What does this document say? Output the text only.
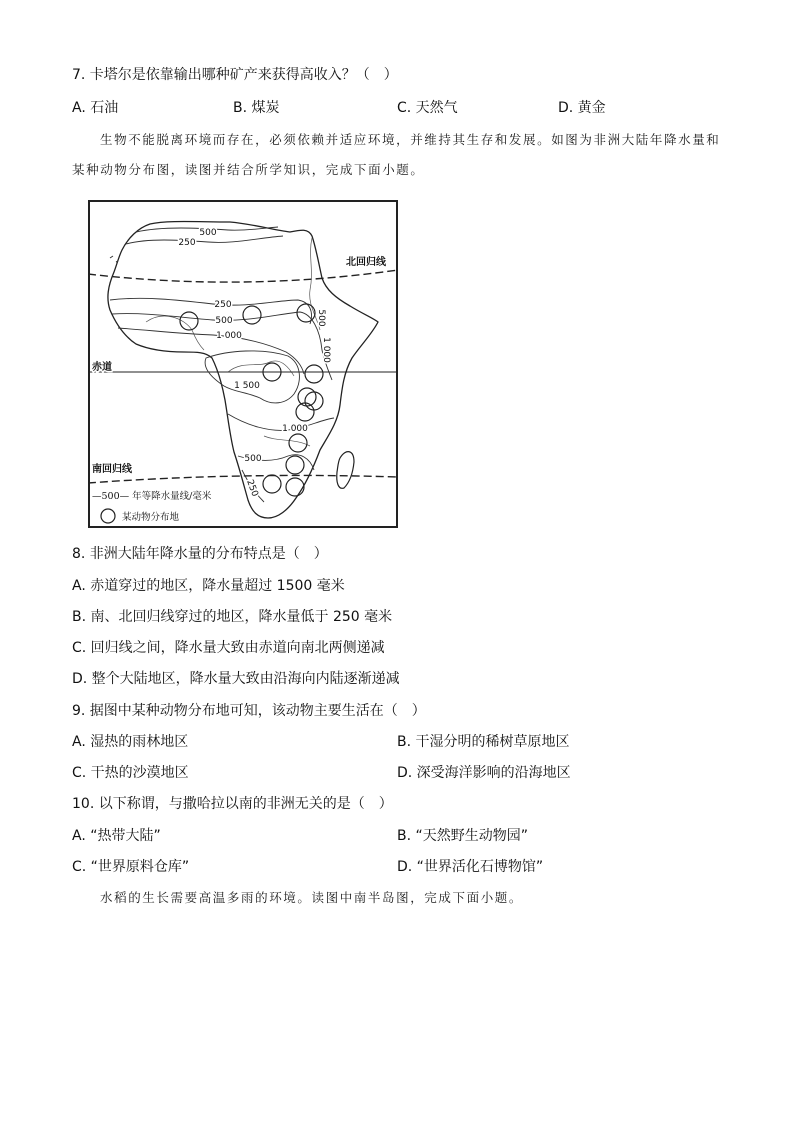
7. 卡塔尔是依靠输出哪种矿产来获得高收入？（　）
A. 石油	B. 煤炭	C. 天然气	D. 黄金
生物不能脱离环境而存在，必须依赖并适应环境，并维持其生存和发展。如图为非洲大陆年降水量和
某种动物分布图，读图并结合所学知识，完成下面小题。
500
250
250
500
1 000
500
1 000
1 500
1 000
500
250
北回归线
赤道
南回归线
—500— 年等降水量线/毫米
某动物分布地
8. 非洲大陆年降水量的分布特点是（　）
A. 赤道穿过的地区，降水量超过 1500 毫米
B. 南、北回归线穿过的地区，降水量低于 250 毫米
C. 回归线之间，降水量大致由赤道向南北两侧递减
D. 整个大陆地区，降水量大致由沿海向内陆逐渐递减
9. 据图中某种动物分布地可知，该动物主要生活在（　）
A. 湿热的雨林地区	B. 干湿分明的稀树草原地区
C. 干热的沙漠地区	D. 深受海洋影响的沿海地区
10. 以下称谓，与撒哈拉以南的非洲无关的是（　）
A. “热带大陆”	B. “天然野生动物园”
C. “世界原料仓库”	D. “世界活化石博物馆”
水稻的生长需要高温多雨的环境。读图中南半岛图，完成下面小题。
